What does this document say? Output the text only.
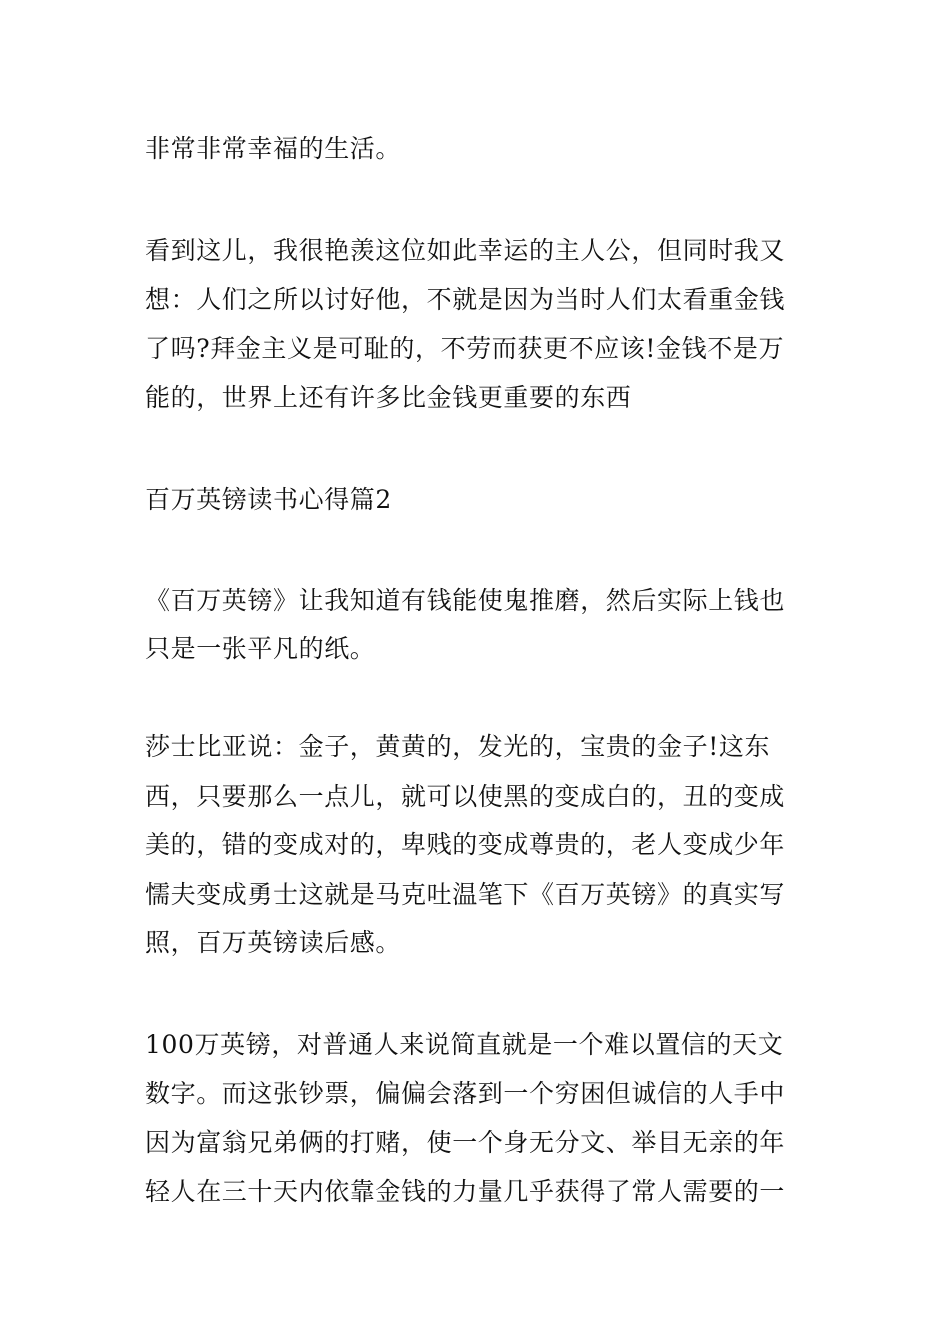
非常非常幸福的生活。
看到这儿，我很艳羡这位如此幸运的主人公，但同时我又
想：人们之所以讨好他，不就是因为当时人们太看重金钱
了吗?拜金主义是可耻的，不劳而获更不应该!金钱不是万
能的，世界上还有许多比金钱更重要的东西
百万英镑读书心得篇2
《百万英镑》让我知道有钱能使鬼推磨，然后实际上钱也
只是一张平凡的纸。
莎士比亚说：金子，黄黄的，发光的，宝贵的金子!这东
西，只要那么一点儿，就可以使黑的变成白的，丑的变成
美的，错的变成对的，卑贱的变成尊贵的，老人变成少年
懦夫变成勇士这就是马克吐温笔下《百万英镑》的真实写
照，百万英镑读后感。
100万英镑，对普通人来说简直就是一个难以置信的天文
数字。而这张钞票，偏偏会落到一个穷困但诚信的人手中
因为富翁兄弟俩的打赌，使一个身无分文、举目无亲的年
轻人在三十天内依靠金钱的力量几乎获得了常人需要的一
